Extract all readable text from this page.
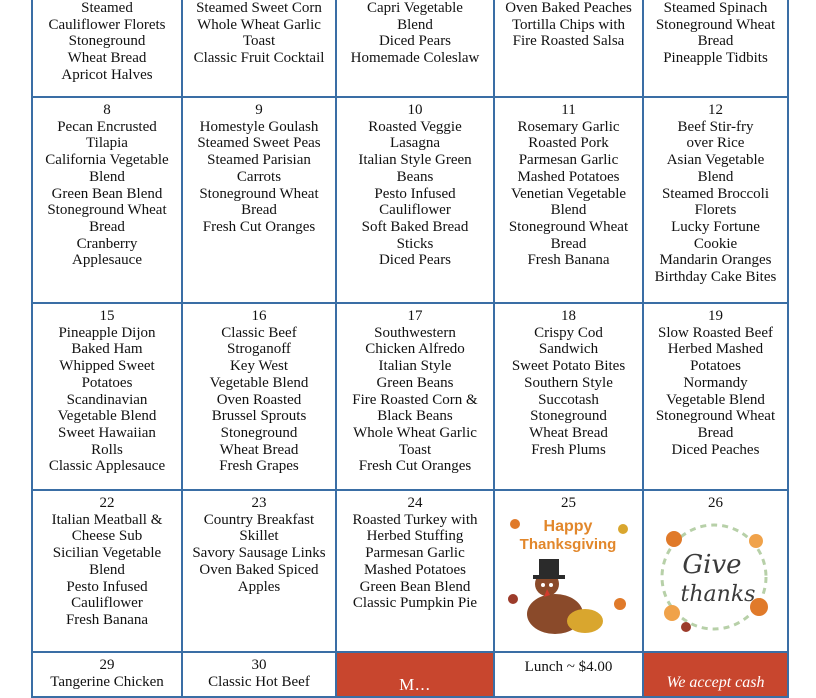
Steamed
Cauliflower Florets
Stoneground
Wheat Bread
Apricot Halves
Steamed Sweet Corn
Whole Wheat Garlic
Toast
Classic Fruit Cocktail
Capri Vegetable
Blend
Diced Pears
Homemade Coleslaw
Oven Baked Peaches
Tortilla Chips with
Fire Roasted Salsa
Steamed Spinach
Stoneground Wheat
Bread
Pineapple Tidbits
8
Pecan Encrusted
Tilapia
California Vegetable
Blend
Green Bean Blend
Stoneground Wheat
Bread
Cranberry
Applesauce
9
Homestyle Goulash
Steamed Sweet Peas
Steamed Parisian
Carrots
Stoneground Wheat
Bread
Fresh Cut Oranges
10
Roasted Veggie
Lasagna
Italian Style Green
Beans
Pesto Infused
Cauliflower
Soft Baked Bread
Sticks
Diced Pears
11
Rosemary Garlic
Roasted Pork
Parmesan Garlic
Mashed Potatoes
Venetian Vegetable
Blend
Stoneground Wheat
Bread
Fresh Banana
12
Beef Stir-fry
over Rice
Asian Vegetable
Blend
Steamed Broccoli
Florets
Lucky Fortune
Cookie
Mandarin Oranges
Birthday Cake Bites
15
Pineapple Dijon
Baked Ham
Whipped Sweet
Potatoes
Scandinavian
Vegetable Blend
Sweet Hawaiian
Rolls
Classic Applesauce
16
Classic Beef
Stroganoff
Key West
Vegetable Blend
Oven Roasted
Brussel Sprouts
Stoneground
Wheat Bread
Fresh Grapes
17
Southwestern
Chicken Alfredo
Italian Style
Green Beans
Fire Roasted Corn &
Black Beans
Whole Wheat Garlic
Toast
Fresh Cut Oranges
18
Crispy Cod
Sandwich
Sweet Potato Bites
Southern Style
Succotash
Stoneground
Wheat Bread
Fresh Plums
19
Slow Roasted Beef
Herbed Mashed
Potatoes
Normandy
Vegetable Blend
Stoneground Wheat
Bread
Diced Peaches
22
Italian Meatball &
Cheese Sub
Sicilian Vegetable
Blend
Pesto Infused
Cauliflower
Fresh Banana
23
Country Breakfast
Skillet
Savory Sausage Links
Oven Baked Spiced
Apples
24
Roasted Turkey with
Herbed Stuffing
Parmesan Garlic
Mashed Potatoes
Green Bean Blend
Classic Pumpkin Pie
25
Happy
Thanksgiving
26
Give
thanks
29
Tangerine Chicken
30
Classic Hot Beef	M...
Lunch ~ $4.00
We accept cash
